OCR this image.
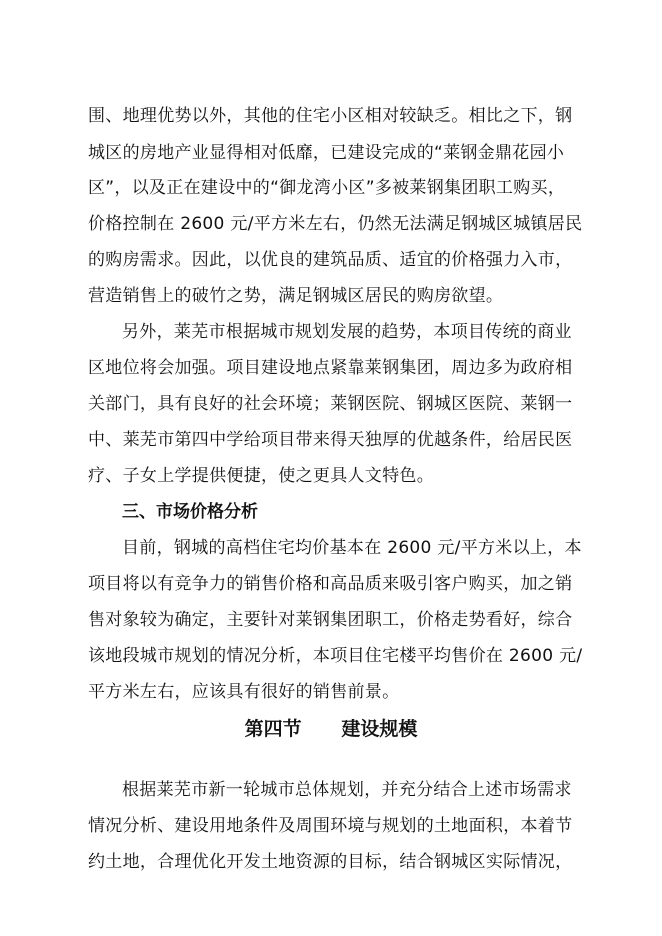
围、地理优势以外，其他的住宅小区相对较缺乏。相比之下，钢
城区的房地产业显得相对低靡，已建设完成的“莱钢金鼎花园小
区”，以及正在建设中的“御龙湾小区”多被莱钢集团职工购买，
价格控制在 2600 元/平方米左右，仍然无法满足钢城区城镇居民
的购房需求。因此，以优良的建筑品质、适宜的价格强力入市，
营造销售上的破竹之势，满足钢城区居民的购房欲望。
另外，莱芜市根据城市规划发展的趋势，本项目传统的商业
区地位将会加强。项目建设地点紧靠莱钢集团，周边多为政府相
关部门，具有良好的社会环境；莱钢医院、钢城区医院、莱钢一
中、莱芜市第四中学给项目带来得天独厚的优越条件，给居民医
疗、子女上学提供便捷，使之更具人文特色。
三、市场价格分析
目前，钢城的高档住宅均价基本在 2600 元/平方米以上，本
项目将以有竞争力的销售价格和高品质来吸引客户购买，加之销
售对象较为确定，主要针对莱钢集团职工，价格走势看好，综合
该地段城市规划的情况分析，本项目住宅楼平均售价在 2600 元/
平方米左右，应该具有很好的销售前景。
第四节      建设规模
根据莱芜市新一轮城市总体规划，并充分结合上述市场需求
情况分析、建设用地条件及周围环境与规划的土地面积，本着节
约土地，合理优化开发土地资源的目标，结合钢城区实际情况，
